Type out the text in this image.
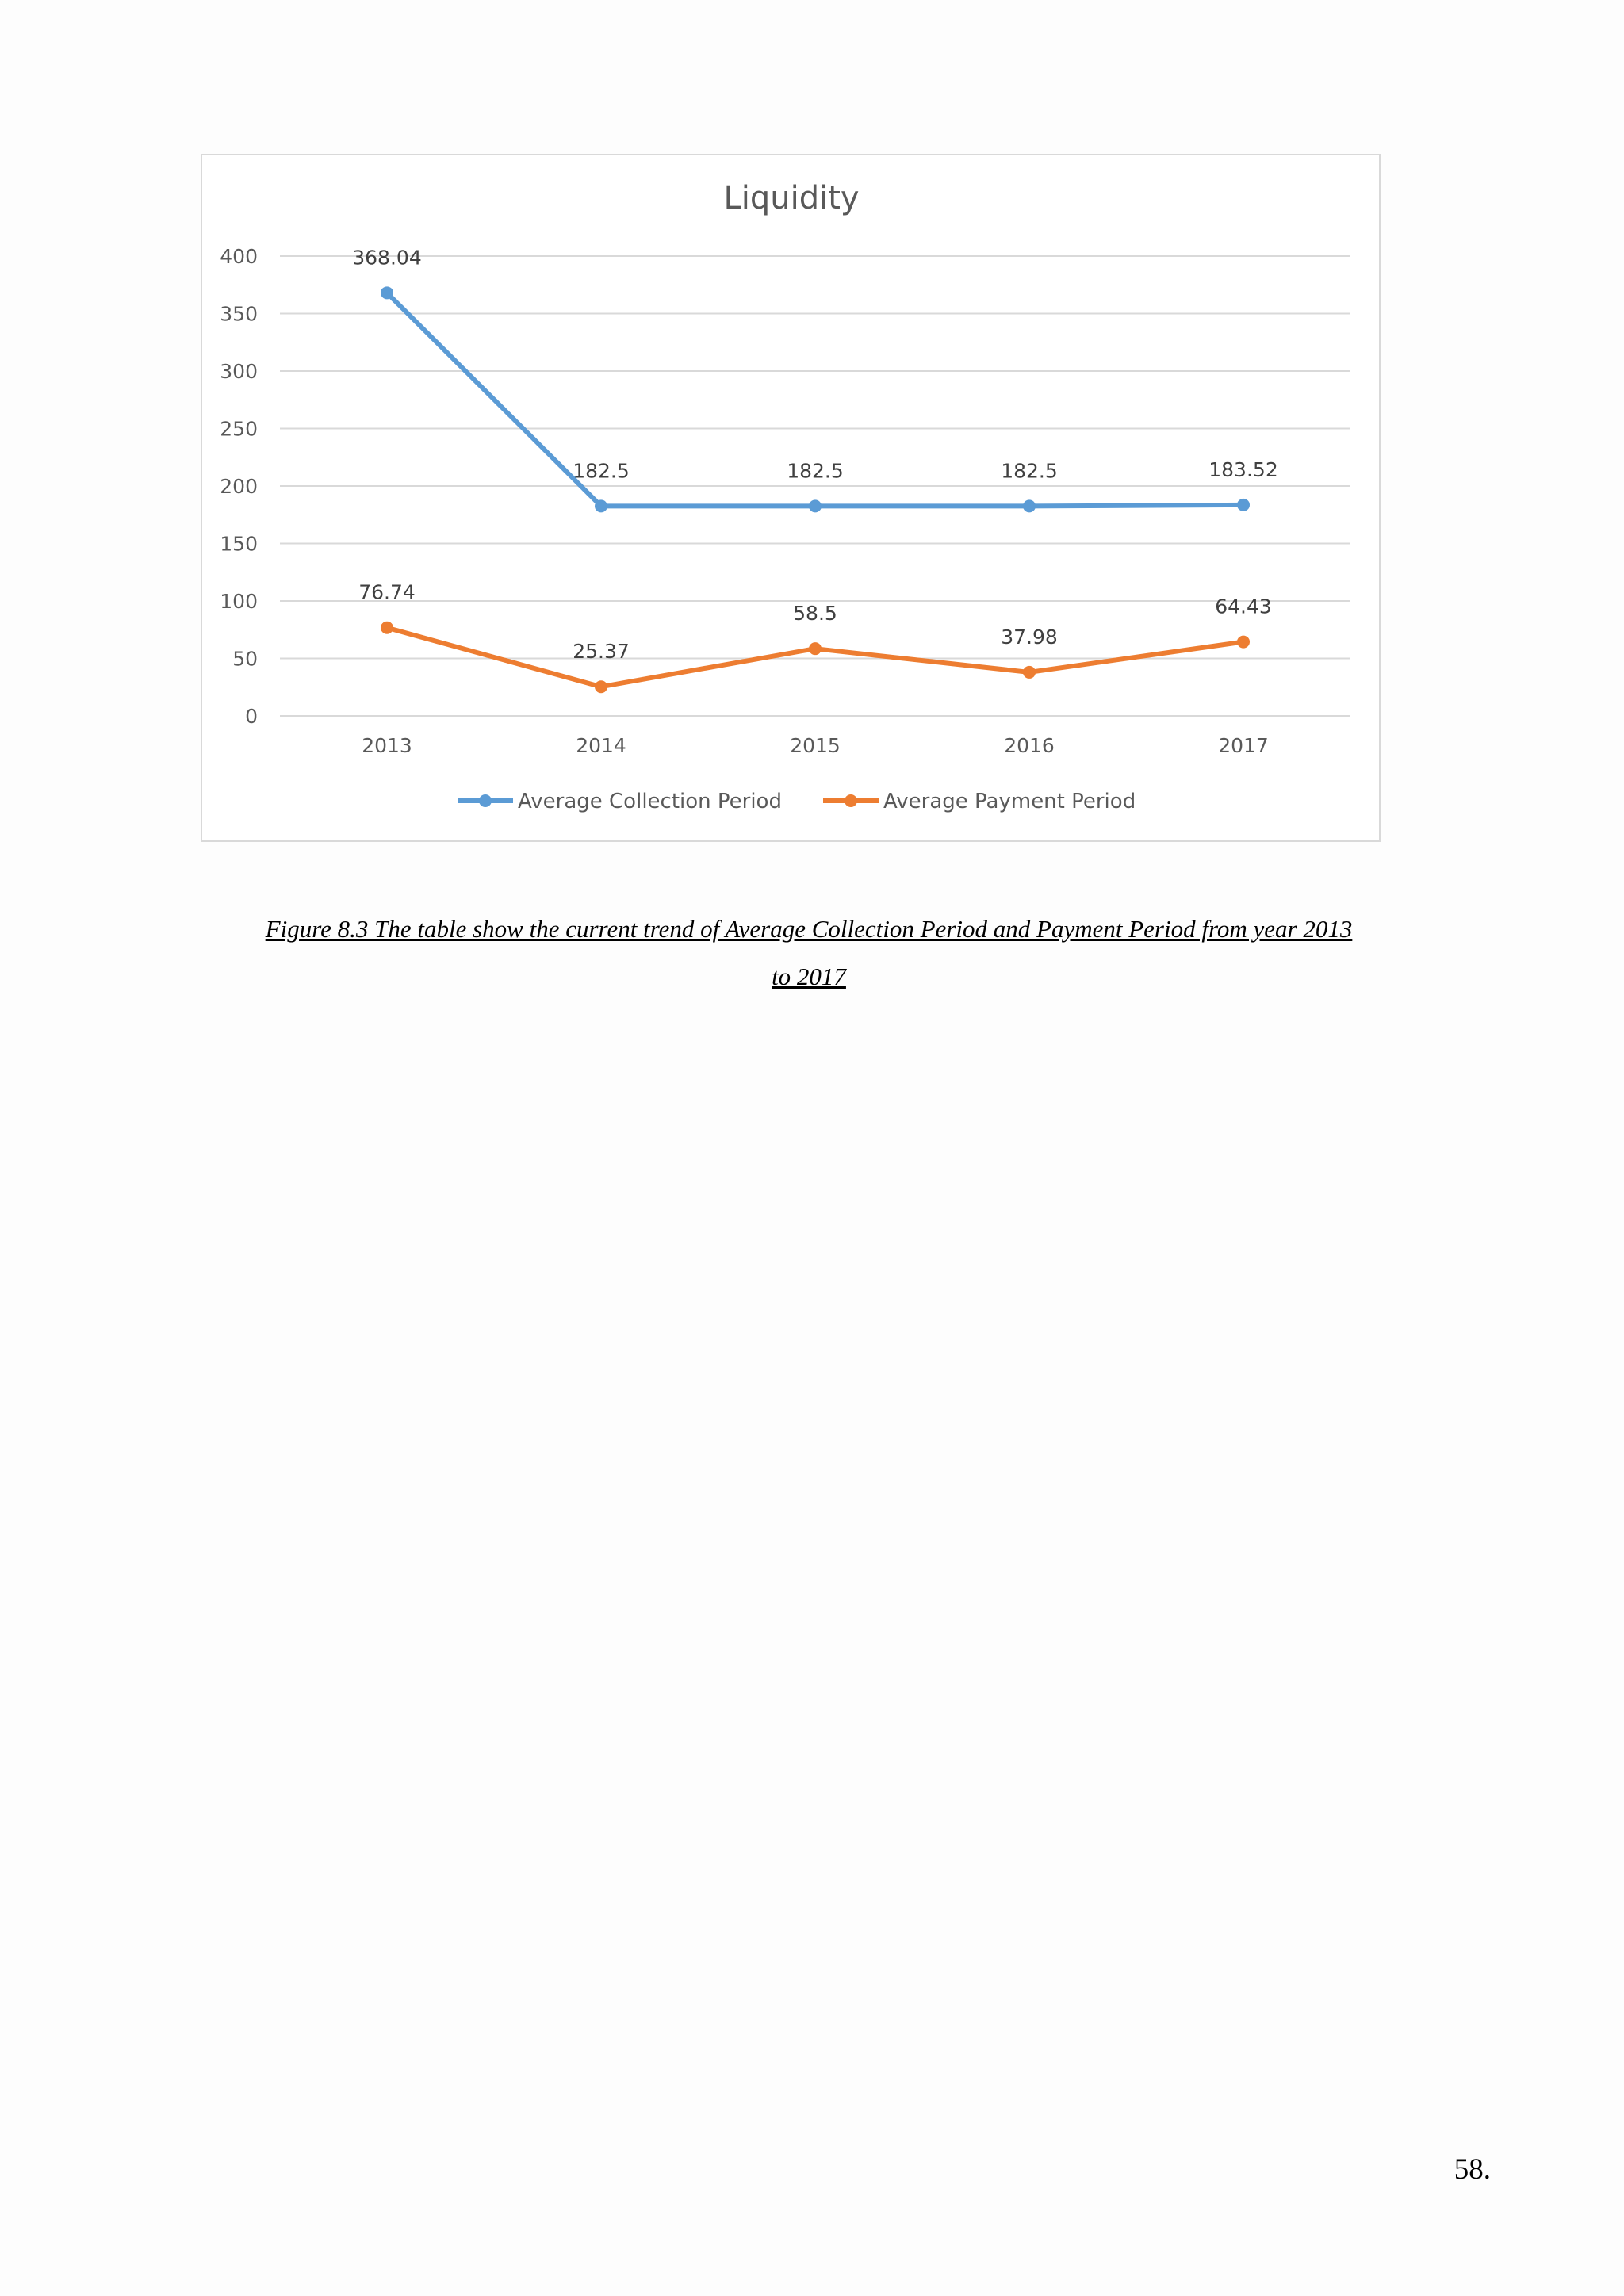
Liquidity
0
50
100
150
200
250
300
350
400
2013	2014	2015	2016	2017
368.04
182.5	182.5	182.5	183.52
76.74
25.37
58.5
37.98
64.43
Average Collection Period	Average Payment Period

Figure 8.3 The table show the current trend of Average Collection Period and Payment Period from year 2013
to 2017

58.
